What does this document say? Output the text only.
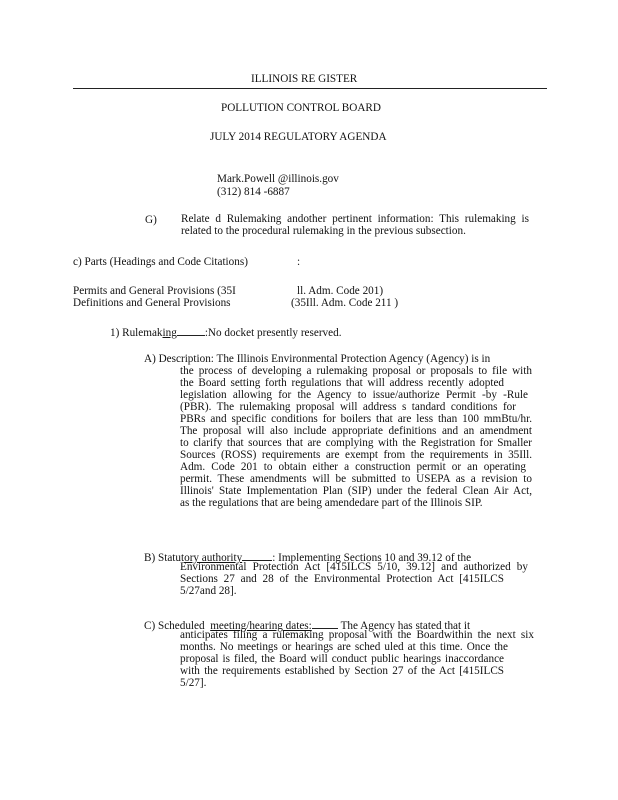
ILLINOIS RE GISTER
POLLUTION CONTROL BOARD
JULY 2014 REGULATORY AGENDA
Mark.Powell @illinois.gov
(312) 814 -6887
G) Relate d Rulemaking andother pertinent information: This rulemaking is
related to the procedural rulemaking in the previous subsection.
c) Parts (Headings and Code Citations)	:
Permits and General Provisions (35I	ll. Adm. Code 201)
Definitions and General Provisions	(35Ill. Adm. Code 211 )
1) Rulemaking	:No docket presently reserved.
A) Description: The Illinois Environmental Protection Agency (Agency) is in
the process of developing a rulemaking proposal or proposals to file with
the Board setting forth regulations that will address recently adopted
legislation allowing for the Agency to issue/authorize Permit -by -Rule
(PBR). The rulemaking proposal will address s tandard conditions for
PBRs and specific conditions for boilers that are less than 100 mmBtu/hr.
The proposal will also include appropriate definitions and an amendment
to clarify that sources that are complying with the Registration for Smaller
Sources (ROSS) requirements are exempt from the requirements in 35Ill.
Adm. Code 201 to obtain either a construction permit or an operating
permit. These amendments will be submitted to USEPA as a revision to
Illinois' State Implementation Plan (SIP) under the federal Clean Air Act,
as the regulations that are being amendedare part of the Illinois SIP.
B) Statutory authority	: Implementing Sections 10 and 39.12 of the
Environmental Protection Act [415ILCS 5/10, 39.12] and authorized by
Sections 27 and 28 of the Environmental Protection Act [415ILCS
5/27and 28].
C) Scheduled meeting/hearing dates:	The Agency has stated that it
anticipates filing a rulemaking proposal with the Boardwithin the next six
months. No meetings or hearings are sched uled at this time. Once the
proposal is filed, the Board will conduct public hearings inaccordance
with the requirements established by Section 27 of the Act [415ILCS
5/27].
